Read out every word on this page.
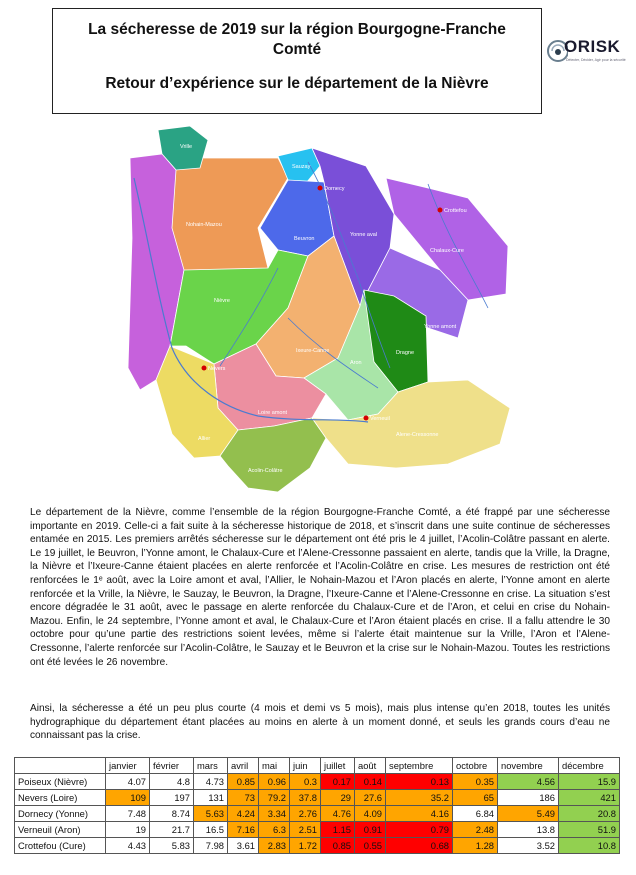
La sécheresse de 2019 sur la région Bourgogne-Franche Comté
Retour d’expérience sur le département de la Nièvre
ORISK
Détecter, Décider, Agir pour la sécurité
Vrille
Nohain-Mazou
Sauzay
Nièvre
Beuvron
Yonne aval
Chalaux-Cure
Yonne amont
Dragne
Ixeure-Canne
Aron
Loire amont
Allier
Acolin-Colâtre
Alene-Cressonne
Dornecy
Crottefou
Nevers
Verneuil

Le département de la Nièvre, comme l’ensemble de la région Bourgogne-Franche Comté, a été frappé par une sécheresse importante en 2019. Celle-ci a fait suite à la sécheresse historique de 2018, et s’inscrit dans une suite continue de sécheresses entamée en 2015. Les premiers arrêtés sécheresse sur le département ont été pris le 4 juillet, l’Acolin-Colâtre passant en alerte. Le 19 juillet, le Beuvron, l’Yonne amont, le Chalaux-Cure et l’Alene-Cressonne passaient en alerte, tandis que la Vrille, la Dragne, la Nièvre et l’Ixeure-Canne étaient placées en alerte renforcée et l’Acolin-Colâtre en crise. Les mesures de restriction ont été renforcées le 1ᵉ août, avec la Loire amont et aval, l’Allier, le Nohain-Mazou et l’Aron placés en alerte, l’Yonne amont en alerte renforcée et la Vrille, la Nièvre, le Sauzay, le Beuvron, la Dragne, l’Ixeure-Canne et l’Alene-Cressonne en crise. La situation s’est encore dégradée le 31 août, avec le passage en alerte renforcée du Chalaux-Cure et de l’Aron, et celui en crise du Nohain-Mazou. Enfin, le 24 septembre, l’Yonne amont et aval, le Chalaux-Cure et l’Aron étaient placés en crise. Il a fallu attendre le 30 octobre pour qu’une partie des restrictions soient levées, même si l’alerte était maintenue sur la Vrille, l’Aron et l’Alene-Cressonne, l’alerte renforcée sur l’Acolin-Colâtre, le Sauzay et le Beuvron et la crise sur le Nohain-Mazou. Toutes les restrictions ont été levées le 26 novembre.

Ainsi, la sécheresse a été un peu plus courte (4 mois et demi vs 5 mois), mais plus intense qu’en 2018, toutes les unités hydrographique du département étant placées au moins en alerte à un moment donné, et seuls les grands cours d’eau ne connaissant pas la crise.

	janvier	février	mars	avril	mai	juin	juillet	août	septembre	octobre	novembre	décembre
Poiseux (Nièvre)	4.07	4.8	4.73	0.85	0.96	0.3	0.17	0.14	0.13	0.35	4.56	15.9
Nevers (Loire)	109	197	131	73	79.2	37.8	29	27.6	35.2	65	186	421
Dornecy (Yonne)	7.48	8.74	5.63	4.24	3.34	2.76	4.76	4.09	4.16	6.84	5.49	20.8
Verneuil (Aron)	19	21.7	16.5	7.16	6.3	2.51	1.15	0.91	0.79	2.48	13.8	51.9
Crottefou (Cure)	4.43	5.83	7.98	3.61	2.83	1.72	0.85	0.55	0.68	1.28	3.52	10.8
